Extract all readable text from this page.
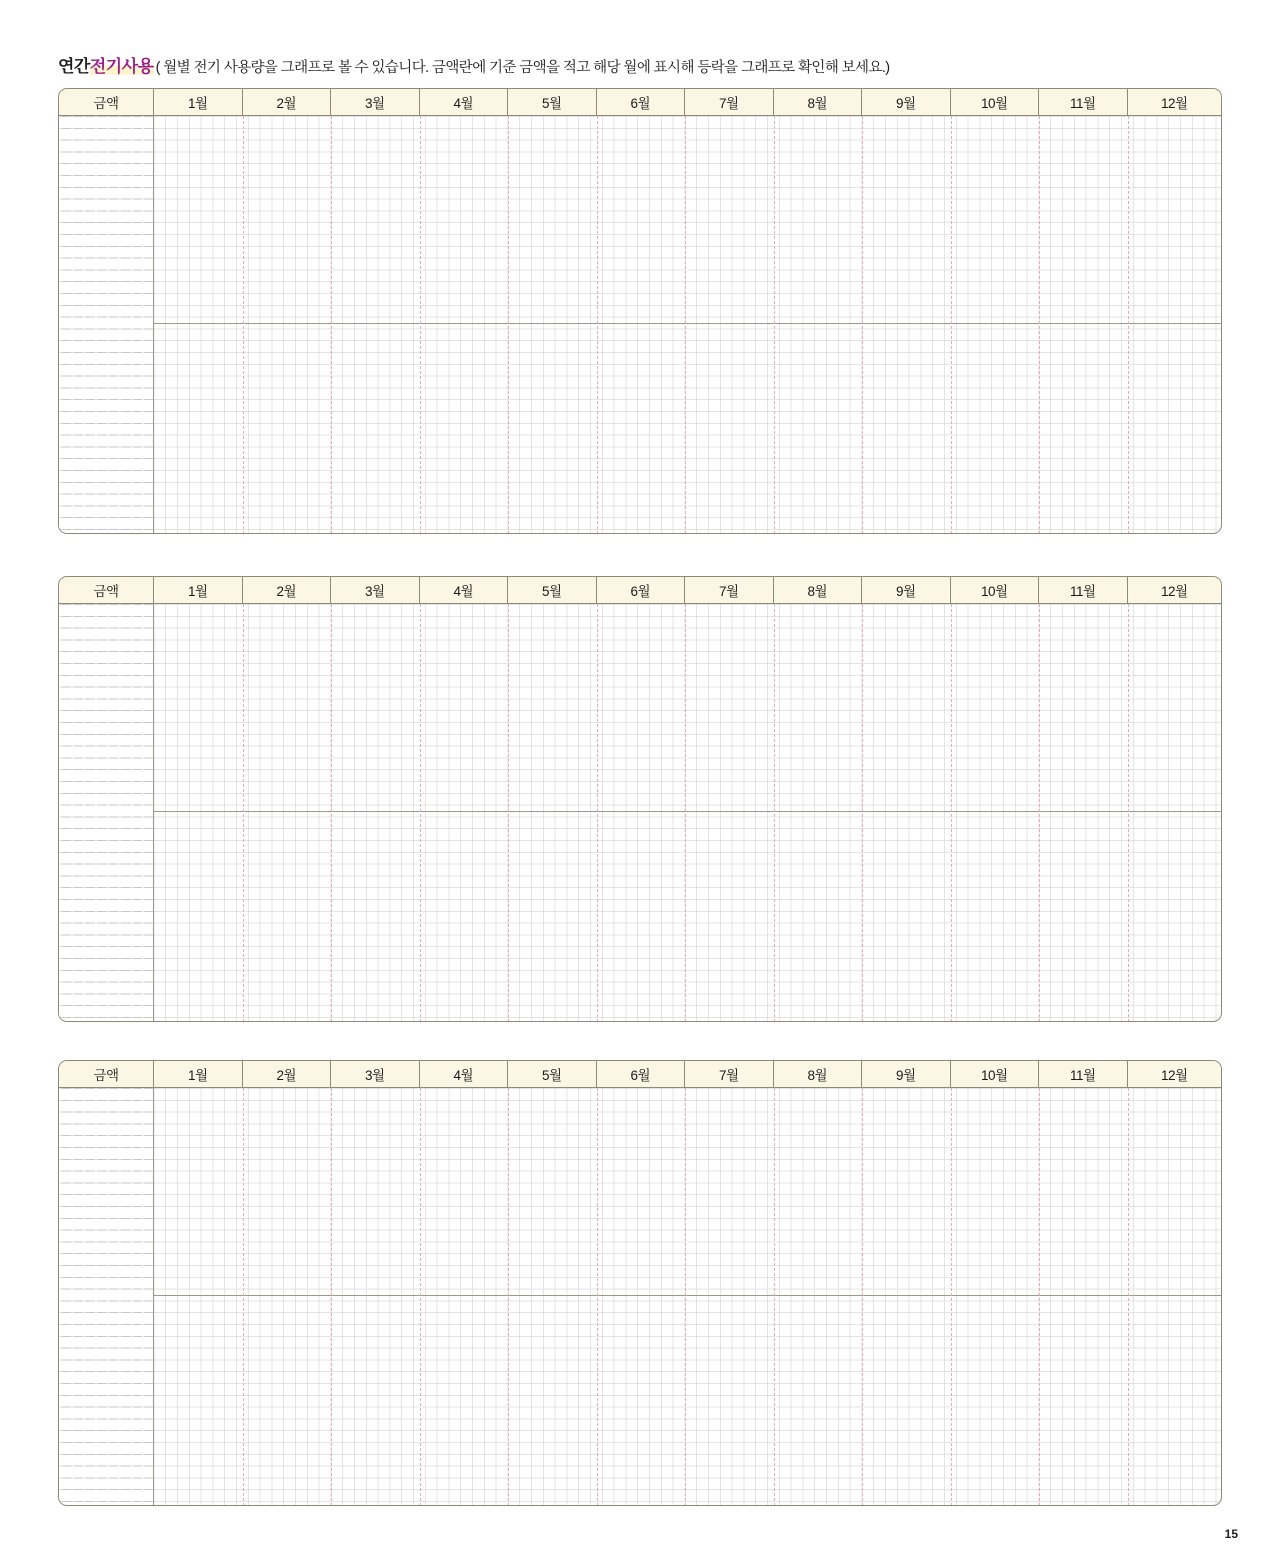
연간전기사용 ( 월별 전기 사용량을 그래프로 볼 수 있습니다. 금액란에 기준 금액을 적고 해당 월에 표시해 등락을 그래프로 확인해 보세요.)
금액	1월	2월	3월	4월	5월	6월	7월	8월	9월	10월	11월	12월
금액	1월	2월	3월	4월	5월	6월	7월	8월	9월	10월	11월	12월
금액	1월	2월	3월	4월	5월	6월	7월	8월	9월	10월	11월	12월
15
